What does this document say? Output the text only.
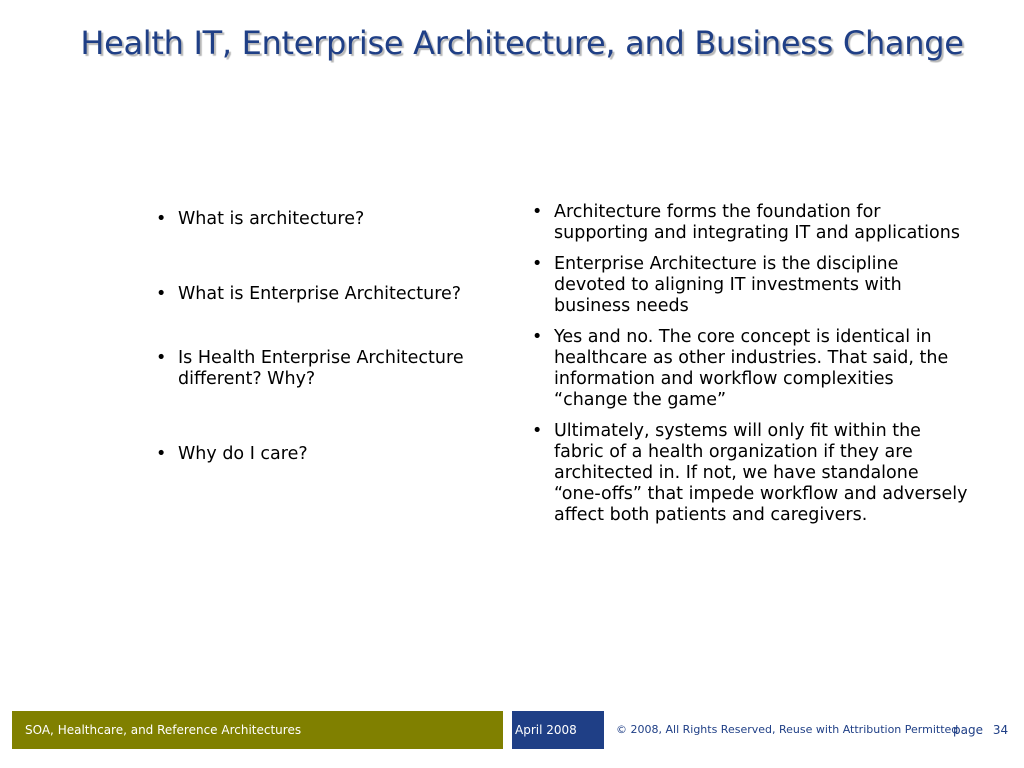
Health IT, Enterprise Architecture, and Business Change
• What is architecture?
• What is Enterprise Architecture?
• Is Health Enterprise Architecture different? Why?
• Why do I care?
• Architecture forms the foundation for supporting and integrating IT and applications
• Enterprise Architecture is the discipline devoted to aligning IT investments with business needs
• Yes and no. The core concept is identical in healthcare as other industries. That said, the information and workflow complexities “change the game”
• Ultimately, systems will only fit within the fabric of a health organization if they are architected in. If not, we have standalone “one-offs” that impede workflow and adversely affect both patients and caregivers.
SOA, Healthcare, and Reference Architectures	April 2008	© 2008, All Rights Reserved, Reuse with Attribution Permitted
page 34
